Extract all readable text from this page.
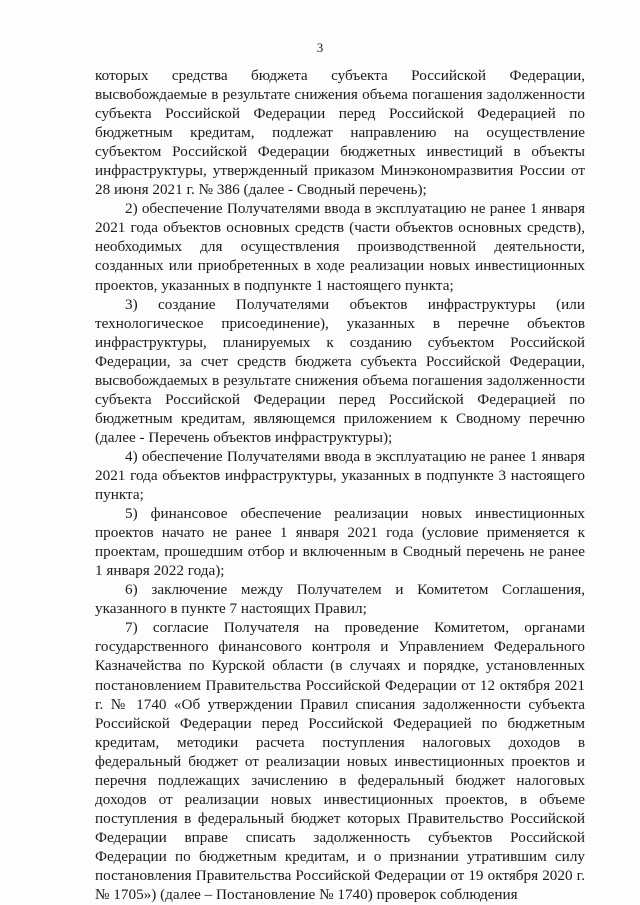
3

которых средства бюджета субъекта Российской Федерации, высвобождаемые в результате снижения объема погашения задолженности субъекта Российской Федерации перед Российской Федерацией по бюджетным кредитам, подлежат направлению на осуществление субъектом Российской Федерации бюджетных инвестиций в объекты инфраструктуры, утвержденный приказом Минэкономразвития России от 28 июня 2021 г. № 386 (далее - Сводный перечень);

2) обеспечение Получателями ввода в эксплуатацию не ранее 1 января 2021 года объектов основных средств (части объектов основных средств), необходимых для осуществления производственной деятельности, созданных или приобретенных в ходе реализации новых инвестиционных проектов, указанных в подпункте 1 настоящего пункта;

3) создание Получателями объектов инфраструктуры (или технологическое присоединение), указанных в перечне объектов инфраструктуры, планируемых к созданию субъектом Российской Федерации, за счет средств бюджета субъекта Российской Федерации, высвобождаемых в результате снижения объема погашения задолженности субъекта Российской Федерации перед Российской Федерацией по бюджетным кредитам, являющемся приложением к Сводному перечню (далее - Перечень объектов инфраструктуры);

4) обеспечение Получателями ввода в эксплуатацию не ранее 1 января 2021 года объектов инфраструктуры, указанных в подпункте 3 настоящего пункта;

5) финансовое обеспечение реализации новых инвестиционных проектов начато не ранее 1 января 2021 года (условие применяется к проектам, прошедшим отбор и включенным в Сводный перечень не ранее 1 января 2022 года);

6) заключение между Получателем и Комитетом Соглашения, указанного в пункте 7 настоящих Правил;

7) согласие Получателя на проведение Комитетом, органами государственного финансового контроля и Управлением Федерального Казначейства по Курской области (в случаях и порядке, установленных постановлением Правительства Российской Федерации от 12 октября 2021 г. № 1740 «Об утверждении Правил списания задолженности субъекта Российской Федерации перед Российской Федерацией по бюджетным кредитам, методики расчета поступления налоговых доходов в федеральный бюджет от реализации новых инвестиционных проектов и перечня подлежащих зачислению в федеральный бюджет налоговых доходов от реализации новых инвестиционных проектов, в объеме поступления в федеральный бюджет которых Правительство Российской Федерации вправе списать задолженность субъектов Российской Федерации по бюджетным кредитам, и о признании утратившим силу постановления Правительства Российской Федерации от 19 октября 2020 г. № 1705») (далее – Постановление № 1740) проверок соблюдения
